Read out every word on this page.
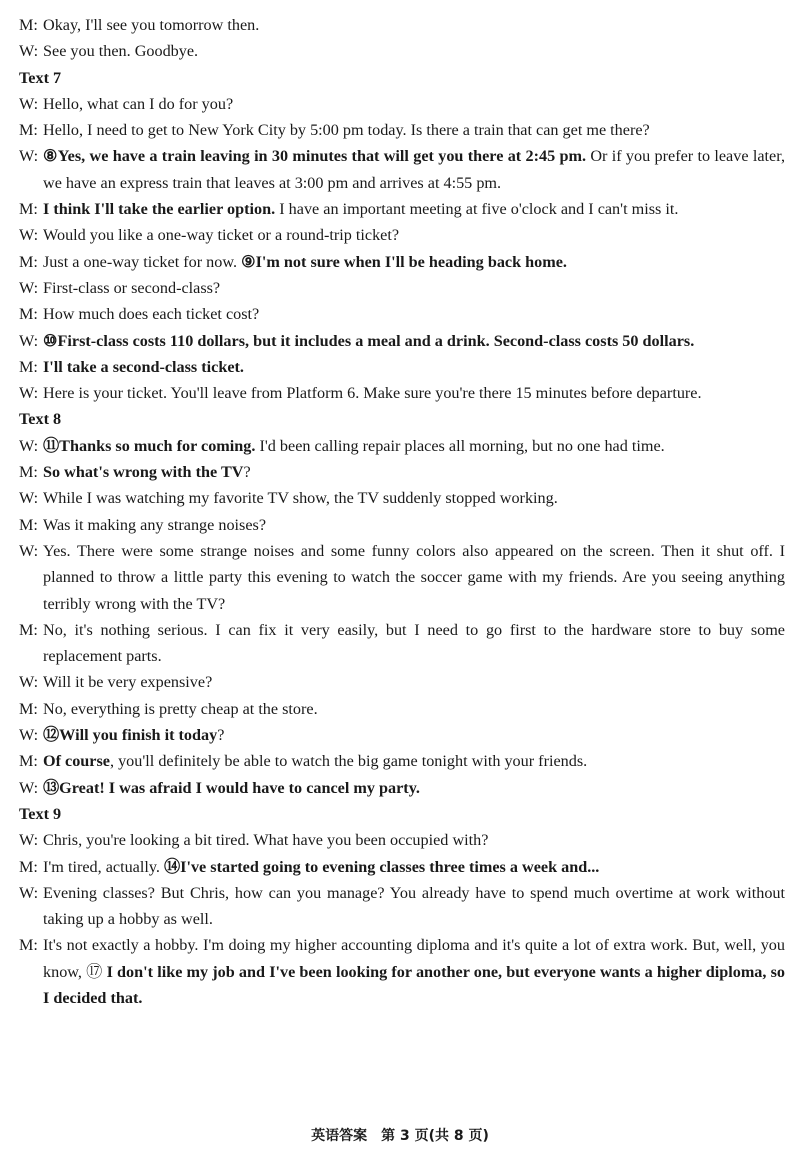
M: Okay, I'll see you tomorrow then.
W: See you then. Goodbye.
Text 7
W: Hello, what can I do for you?
M: Hello, I need to get to New York City by 5:00 pm today. Is there a train that can get me there?
W: ⑧Yes, we have a train leaving in 30 minutes that will get you there at 2:45 pm. Or if you prefer to leave later, we have an express train that leaves at 3:00 pm and arrives at 4:55 pm.
M: I think I'll take the earlier option. I have an important meeting at five o'clock and I can't miss it.
W: Would you like a one-way ticket or a round-trip ticket?
M: Just a one-way ticket for now. ⑨I'm not sure when I'll be heading back home.
W: First-class or second-class?
M: How much does each ticket cost?
W: ⑩First-class costs 110 dollars, but it includes a meal and a drink. Second-class costs 50 dollars.
M: I'll take a second-class ticket.
W: Here is your ticket. You'll leave from Platform 6. Make sure you're there 15 minutes before departure.
Text 8
W: ⑪Thanks so much for coming. I'd been calling repair places all morning, but no one had time.
M: So what's wrong with the TV?
W: While I was watching my favorite TV show, the TV suddenly stopped working.
M: Was it making any strange noises?
W: Yes. There were some strange noises and some funny colors also appeared on the screen. Then it shut off. I planned to throw a little party this evening to watch the soccer game with my friends. Are you seeing anything terribly wrong with the TV?
M: No, it's nothing serious. I can fix it very easily, but I need to go first to the hardware store to buy some replacement parts.
W: Will it be very expensive?
M: No, everything is pretty cheap at the store.
W: ⑫Will you finish it today?
M: Of course, you'll definitely be able to watch the big game tonight with your friends.
W: ⑬Great! I was afraid I would have to cancel my party.
Text 9
W: Chris, you're looking a bit tired. What have you been occupied with?
M: I'm tired, actually. ⑭I've started going to evening classes three times a week and...
W: Evening classes? But Chris, how can you manage? You already have to spend much overtime at work without taking up a hobby as well.
M: It's not exactly a hobby. I'm doing my higher accounting diploma and it's quite a lot of extra work. But, well, you know, ⑰ I don't like my job and I've been looking for another one, but everyone wants a higher diploma, so I decided that.
英语答案　第 3 页(共 8 页)
